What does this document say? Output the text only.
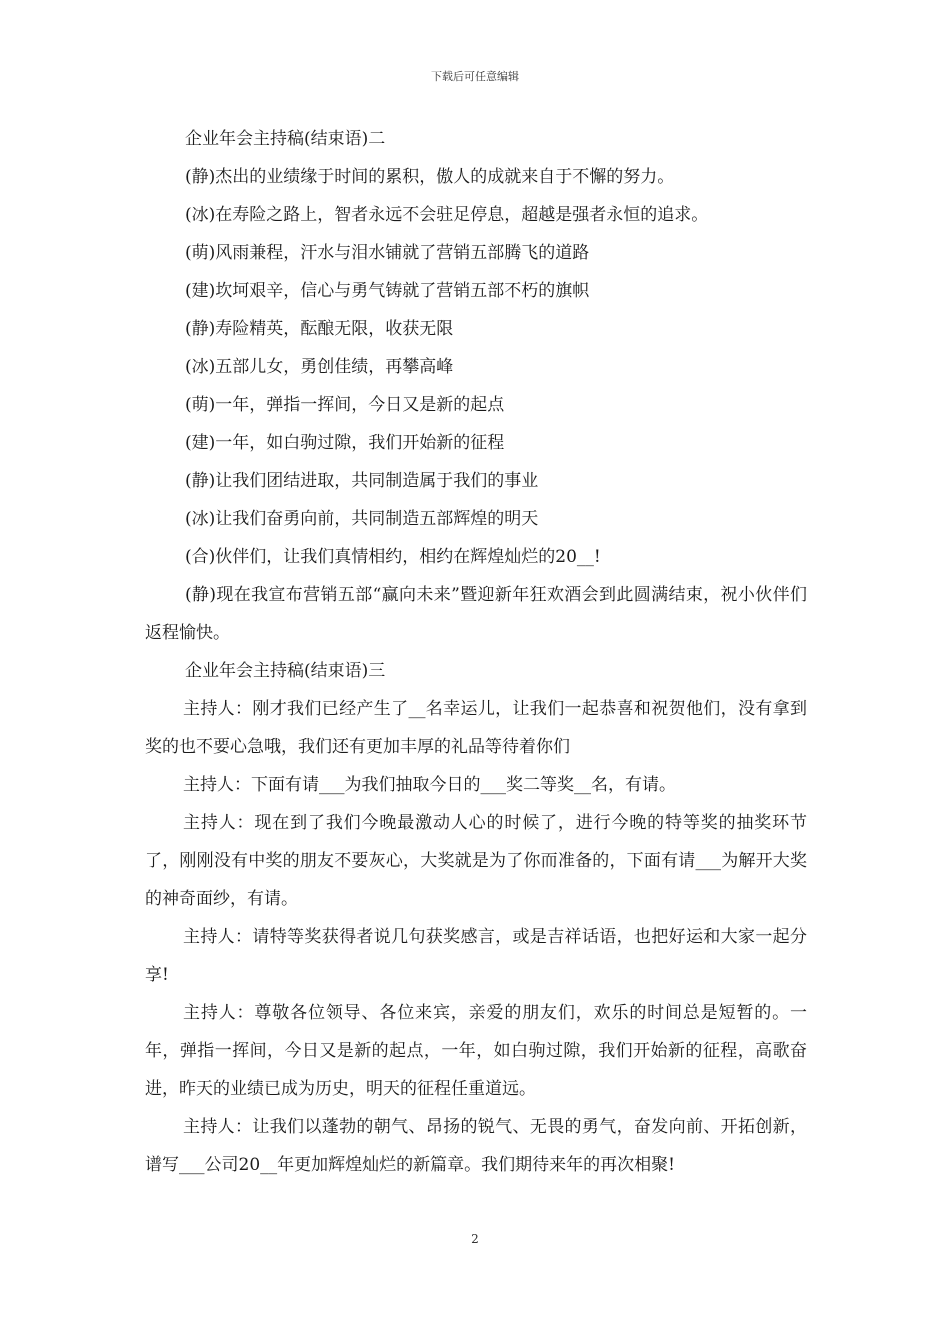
下载后可任意编辑

企业年会主持稿(结束语)二

(静)杰出的业绩缘于时间的累积，傲人的成就来自于不懈的努力。

(冰)在寿险之路上，智者永远不会驻足停息，超越是强者永恒的追求。

(萌)风雨兼程，汗水与泪水铺就了营销五部腾飞的道路

(建)坎坷艰辛，信心与勇气铸就了营销五部不朽的旗帜

(静)寿险精英，酝酿无限，收获无限

(冰)五部儿女，勇创佳绩，再攀高峰

(萌)一年，弹指一挥间，今日又是新的起点

(建)一年，如白驹过隙，我们开始新的征程

(静)让我们团结进取，共同制造属于我们的事业

(冰)让我们奋勇向前，共同制造五部辉煌的明天

(合)伙伴们，让我们真情相约，相约在辉煌灿烂的20__!

(静)现在我宣布营销五部“赢向未来”暨迎新年狂欢酒会到此圆满结束，祝小伙伴们返程愉快。

企业年会主持稿(结束语)三

主持人：刚才我们已经产生了__名幸运儿，让我们一起恭喜和祝贺他们，没有拿到奖的也不要心急哦，我们还有更加丰厚的礼品等待着你们

主持人：下面有请___为我们抽取今日的___奖二等奖__名，有请。

主持人：现在到了我们今晚最激动人心的时候了，进行今晚的特等奖的抽奖环节了，刚刚没有中奖的朋友不要灰心，大奖就是为了你而准备的，下面有请___为解开大奖的神奇面纱，有请。

主持人：请特等奖获得者说几句获奖感言，或是吉祥话语，也把好运和大家一起分享!

主持人：尊敬各位领导、各位来宾，亲爱的朋友们，欢乐的时间总是短暂的。一年，弹指一挥间，今日又是新的起点，一年，如白驹过隙，我们开始新的征程，高歌奋进，昨天的业绩已成为历史，明天的征程任重道远。

主持人：让我们以蓬勃的朝气、昂扬的锐气、无畏的勇气，奋发向前、开拓创新，谱写___公司20__年更加辉煌灿烂的新篇章。我们期待来年的再次相聚!

2
